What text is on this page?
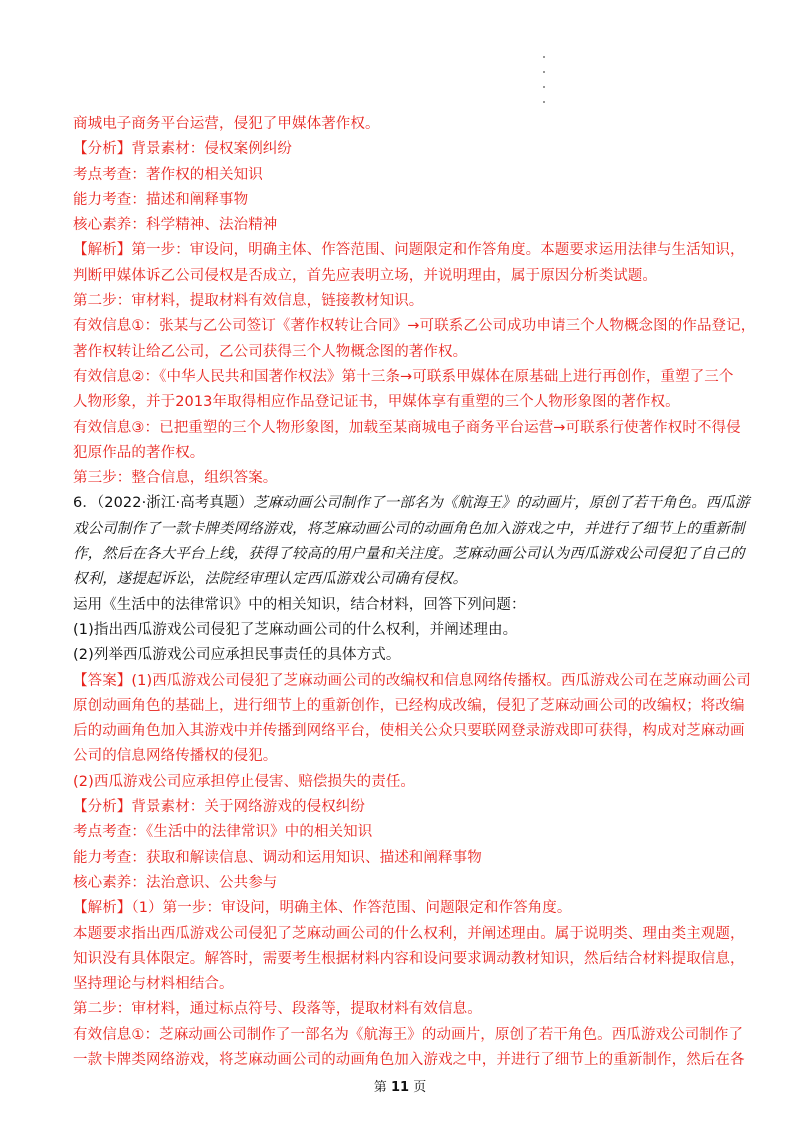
商城电子商务平台运营，侵犯了甲媒体著作权。
【分析】背景素材：侵权案例纠纷
考点考查：著作权的相关知识
能力考查：描述和阐释事物
核心素养：科学精神、法治精神
【解析】第一步：审设问，明确主体、作答范围、问题限定和作答角度。本题要求运用法律与生活知识，
判断甲媒体诉乙公司侵权是否成立，首先应表明立场，并说明理由，属于原因分析类试题。
第二步：审材料，提取材料有效信息，链接教材知识。
有效信息①：张某与乙公司签订《著作权转让合同》→可联系乙公司成功申请三个人物概念图的作品登记，
著作权转让给乙公司，乙公司获得三个人物概念图的著作权。
有效信息②：《中华人民共和国著作权法》第十三条→可联系甲媒体在原基础上进行再创作，重塑了三个
人物形象，并于2013年取得相应作品登记证书，甲媒体享有重塑的三个人物形象图的著作权。
有效信息③：已把重塑的三个人物形象图，加载至某商城电子商务平台运营→可联系行使著作权时不得侵
犯原作品的著作权。
第三步：整合信息，组织答案。
6．（2022·浙江·高考真题）芝麻动画公司制作了一部名为《航海王》的动画片，原创了若干角色。西瓜游
戏公司制作了一款卡牌类网络游戏，将芝麻动画公司的动画角色加入游戏之中，并进行了细节上的重新制
作，然后在各大平台上线，获得了较高的用户量和关注度。芝麻动画公司认为西瓜游戏公司侵犯了自己的
权利，遂提起诉讼，法院经审理认定西瓜游戏公司确有侵权。
运用《生活中的法律常识》中的相关知识，结合材料，回答下列问题：
(1)指出西瓜游戏公司侵犯了芝麻动画公司的什么权利，并阐述理由。
(2)列举西瓜游戏公司应承担民事责任的具体方式。
【答案】(1)西瓜游戏公司侵犯了芝麻动画公司的改编权和信息网络传播权。西瓜游戏公司在芝麻动画公司
原创动画角色的基础上，进行细节上的重新创作，已经构成改编，侵犯了芝麻动画公司的改编权；将改编
后的动画角色加入其游戏中并传播到网络平台，使相关公众只要联网登录游戏即可获得，构成对芝麻动画
公司的信息网络传播权的侵犯。
(2)西瓜游戏公司应承担停止侵害、赔偿损失的责任。
【分析】背景素材：关于网络游戏的侵权纠纷
考点考查：《生活中的法律常识》中的相关知识
能力考查：获取和解读信息、调动和运用知识、描述和阐释事物
核心素养：法治意识、公共参与
【解析】（1）第一步：审设问，明确主体、作答范围、问题限定和作答角度。
本题要求指出西瓜游戏公司侵犯了芝麻动画公司的什么权利，并阐述理由。属于说明类、理由类主观题，
知识没有具体限定。解答时，需要考生根据材料内容和设问要求调动教材知识，然后结合材料提取信息，
坚持理论与材料相结合。
第二步：审材料，通过标点符号、段落等，提取材料有效信息。
有效信息①：芝麻动画公司制作了一部名为《航海王》的动画片，原创了若干角色。西瓜游戏公司制作了
一款卡牌类网络游戏，将芝麻动画公司的动画角色加入游戏之中，并进行了细节上的重新制作，然后在各
第 11 页
